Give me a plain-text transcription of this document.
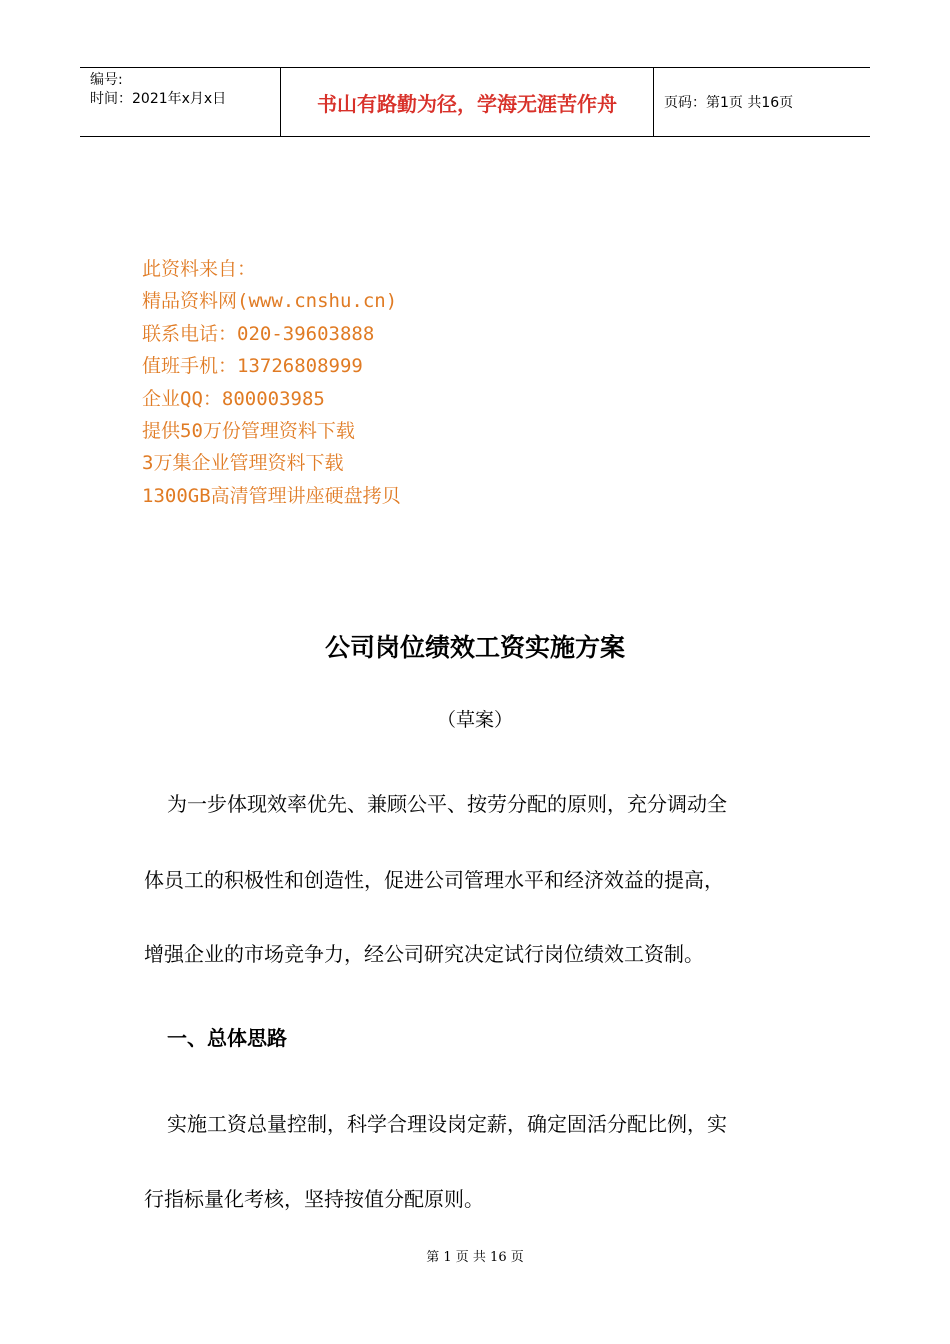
编号:
时间：2021年x月x日	书山有路勤为径，学海无涯苦作舟	页码：第1页 共16页
此资料来自：
精品资料网(www.cnshu.cn)
联系电话：020-39603888
值班手机：13726808999
企业QQ：800003985
提供50万份管理资料下载
3万集企业管理资料下载
1300GB高清管理讲座硬盘拷贝
公司岗位绩效工资实施方案
（草案）

为一步体现效率优先、兼顾公平、按劳分配的原则，充分调动全

体员工的积极性和创造性，促进公司管理水平和经济效益的提高，

增强企业的市场竞争力，经公司研究决定试行岗位绩效工资制。

一、总体思路

实施工资总量控制，科学合理设岗定薪，确定固活分配比例，实

行指标量化考核，坚持按值分配原则。

第 1 页 共 16 页
